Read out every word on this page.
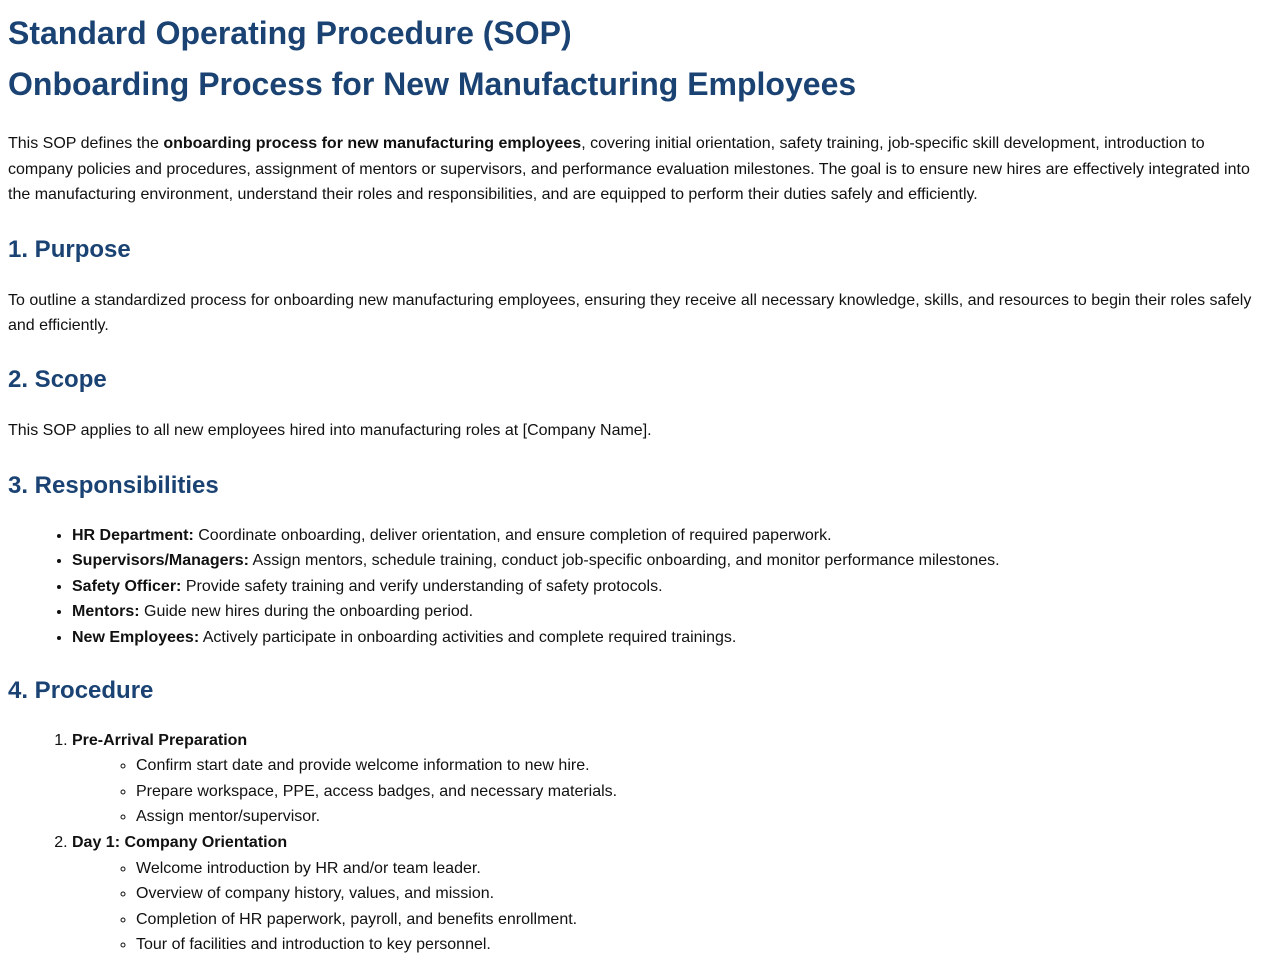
Standard Operating Procedure (SOP)
Onboarding Process for New Manufacturing Employees

This SOP defines the onboarding process for new manufacturing employees, covering initial orientation, safety training, job-specific skill development, introduction to company policies and procedures, assignment of mentors or supervisors, and performance evaluation milestones. The goal is to ensure new hires are effectively integrated into the manufacturing environment, understand their roles and responsibilities, and are equipped to perform their duties safely and efficiently.

1. Purpose

To outline a standardized process for onboarding new manufacturing employees, ensuring they receive all necessary knowledge, skills, and resources to begin their roles safely and efficiently.

2. Scope

This SOP applies to all new employees hired into manufacturing roles at [Company Name].

3. Responsibilities
• HR Department: Coordinate onboarding, deliver orientation, and ensure completion of required paperwork.
• Supervisors/Managers: Assign mentors, schedule training, conduct job-specific onboarding, and monitor performance milestones.
• Safety Officer: Provide safety training and verify understanding of safety protocols.
• Mentors: Guide new hires during the onboarding period.
• New Employees: Actively participate in onboarding activities and complete required trainings.
4. Procedure
1. Pre-Arrival Preparation
◦ Confirm start date and provide welcome information to new hire.
◦ Prepare workspace, PPE, access badges, and necessary materials.
◦ Assign mentor/supervisor.
2. Day 1: Company Orientation
◦ Welcome introduction by HR and/or team leader.
◦ Overview of company history, values, and mission.
◦ Completion of HR paperwork, payroll, and benefits enrollment.
◦ Tour of facilities and introduction to key personnel.
